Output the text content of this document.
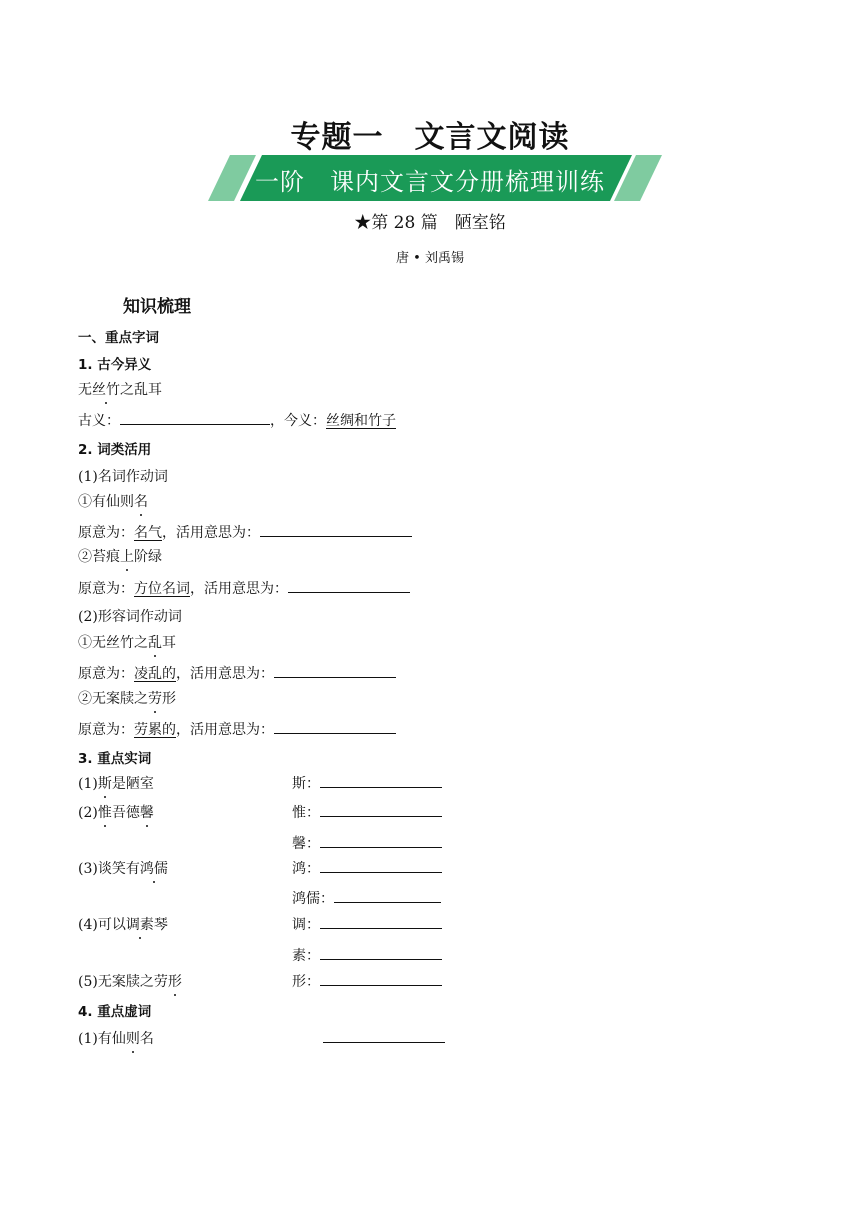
专题一　文言文阅读
一阶　课内文言文分册梳理训练
★第 28 篇　陋室铭
唐 • 刘禹锡
知识梳理
一、重点字词
1. 古今异义
无丝竹之乱耳
古义：	，今义：丝绸和竹子
2. 词类活用
(1)名词作动词
①有仙则名
原意为：名气，活用意思为：
②苔痕上阶绿
原意为：方位名词，活用意思为：
(2)形容词作动词
①无丝竹之乱耳
原意为：凌乱的，活用意思为：
②无案牍之劳形
原意为：劳累的，活用意思为：
3. 重点实词
(1)斯是陋室	斯：
(2)惟吾德馨	惟：
馨：
(3)谈笑有鸿儒	鸿：
鸿儒：
(4)可以调素琴	调：
素：
(5)无案牍之劳形	形：
4. 重点虚词
(1)有仙则名
